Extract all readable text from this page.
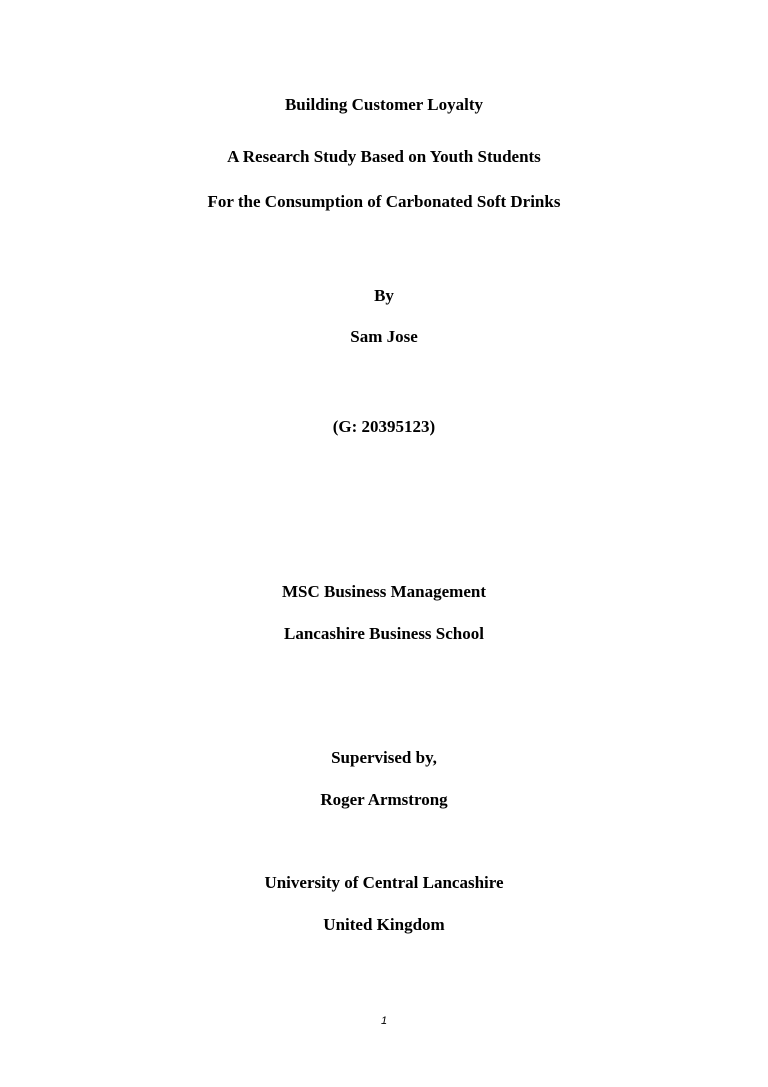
Building Customer Loyalty
A Research Study Based on Youth Students
For the Consumption of Carbonated Soft Drinks
By
Sam Jose
(G: 20395123)
MSC Business Management
Lancashire Business School
Supervised by,
Roger Armstrong
University of Central Lancashire
United Kingdom
1
